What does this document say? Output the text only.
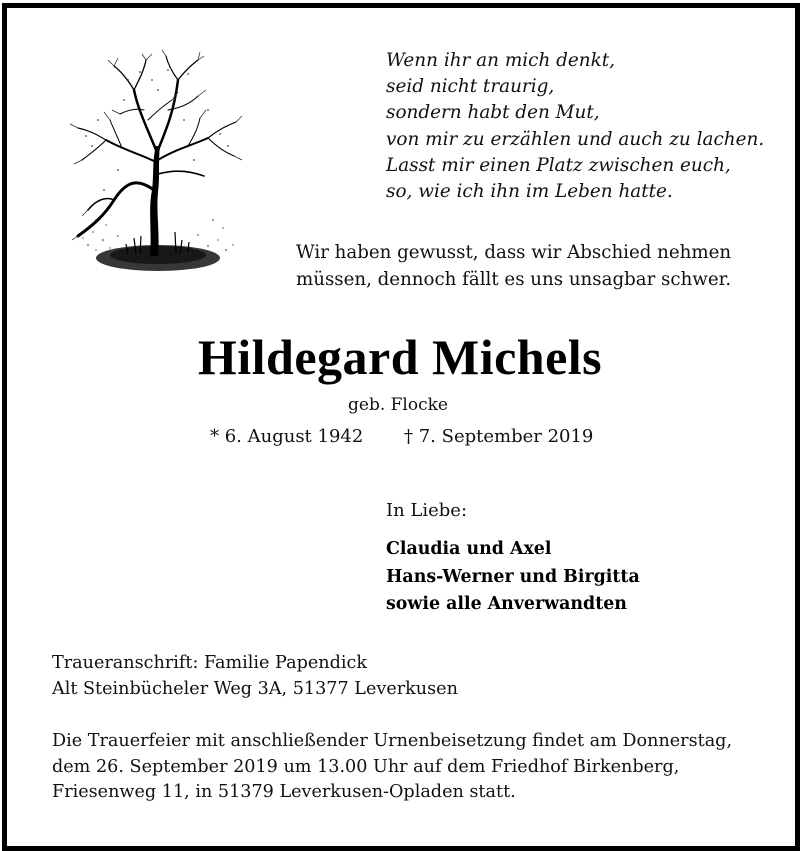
Wenn ihr an mich denkt,
seid nicht traurig,
sondern habt den Mut,
von mir zu erzählen und auch zu lachen.
Lasst mir einen Platz zwischen euch,
so, wie ich ihn im Leben hatte.
Wir haben gewusst, dass wir Abschied nehmen
müssen, dennoch fällt es uns unsagbar schwer.
Hildegard Michels
geb. Flocke
* 6. August 1942 † 7. September 2019
In Liebe:
Claudia und Axel
Hans-Werner und Birgitta
sowie alle Anverwandten
Traueranschrift: Familie Papendick
Alt Steinbücheler Weg 3A, 51377 Leverkusen
Die Trauerfeier mit anschließender Urnenbeisetzung findet am Donnerstag,
dem 26. September 2019 um 13.00 Uhr auf dem Friedhof Birkenberg,
Friesenweg 11, in 51379 Leverkusen-Opladen statt.
